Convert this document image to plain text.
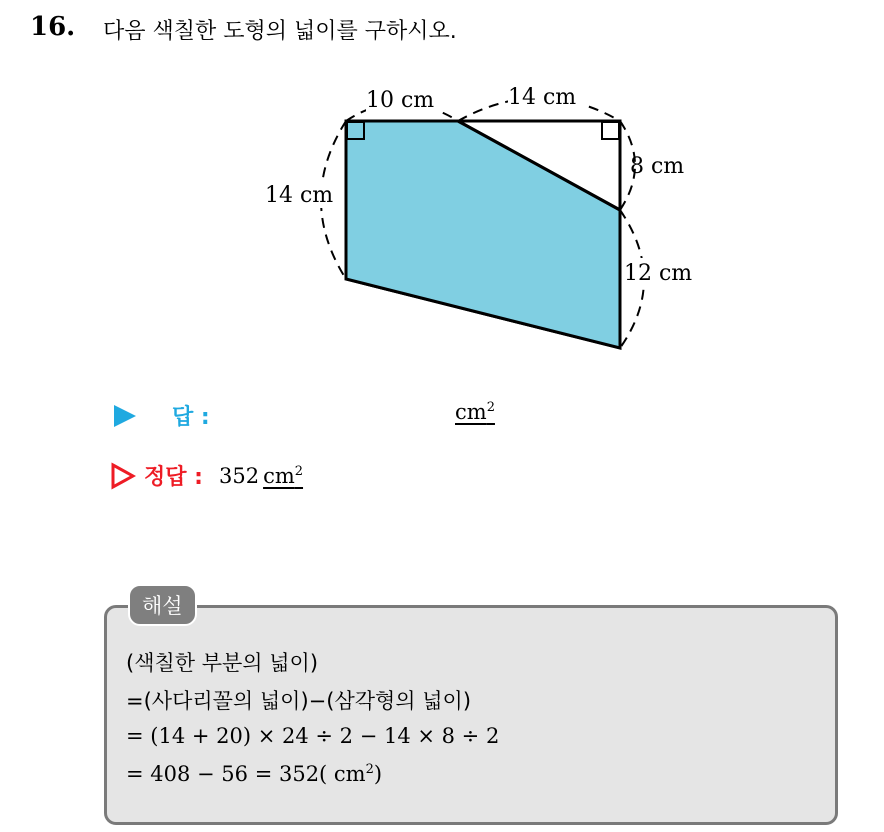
16. 다음 색칠한 도형의 넓이를 구하시오.
10 cm	14 cm
14 cm
8 cm
12 cm
답 :	$cm^2$
정답 : 352 $cm^2$
해설
(색칠한 부분의 넓이)
=(사다리꼴의 넓이)−(삼각형의 넓이)
= (14 + 20) × 24 ÷ 2 − 14 × 8 ÷ 2
= 408 − 56 = 352( $cm^2$)
